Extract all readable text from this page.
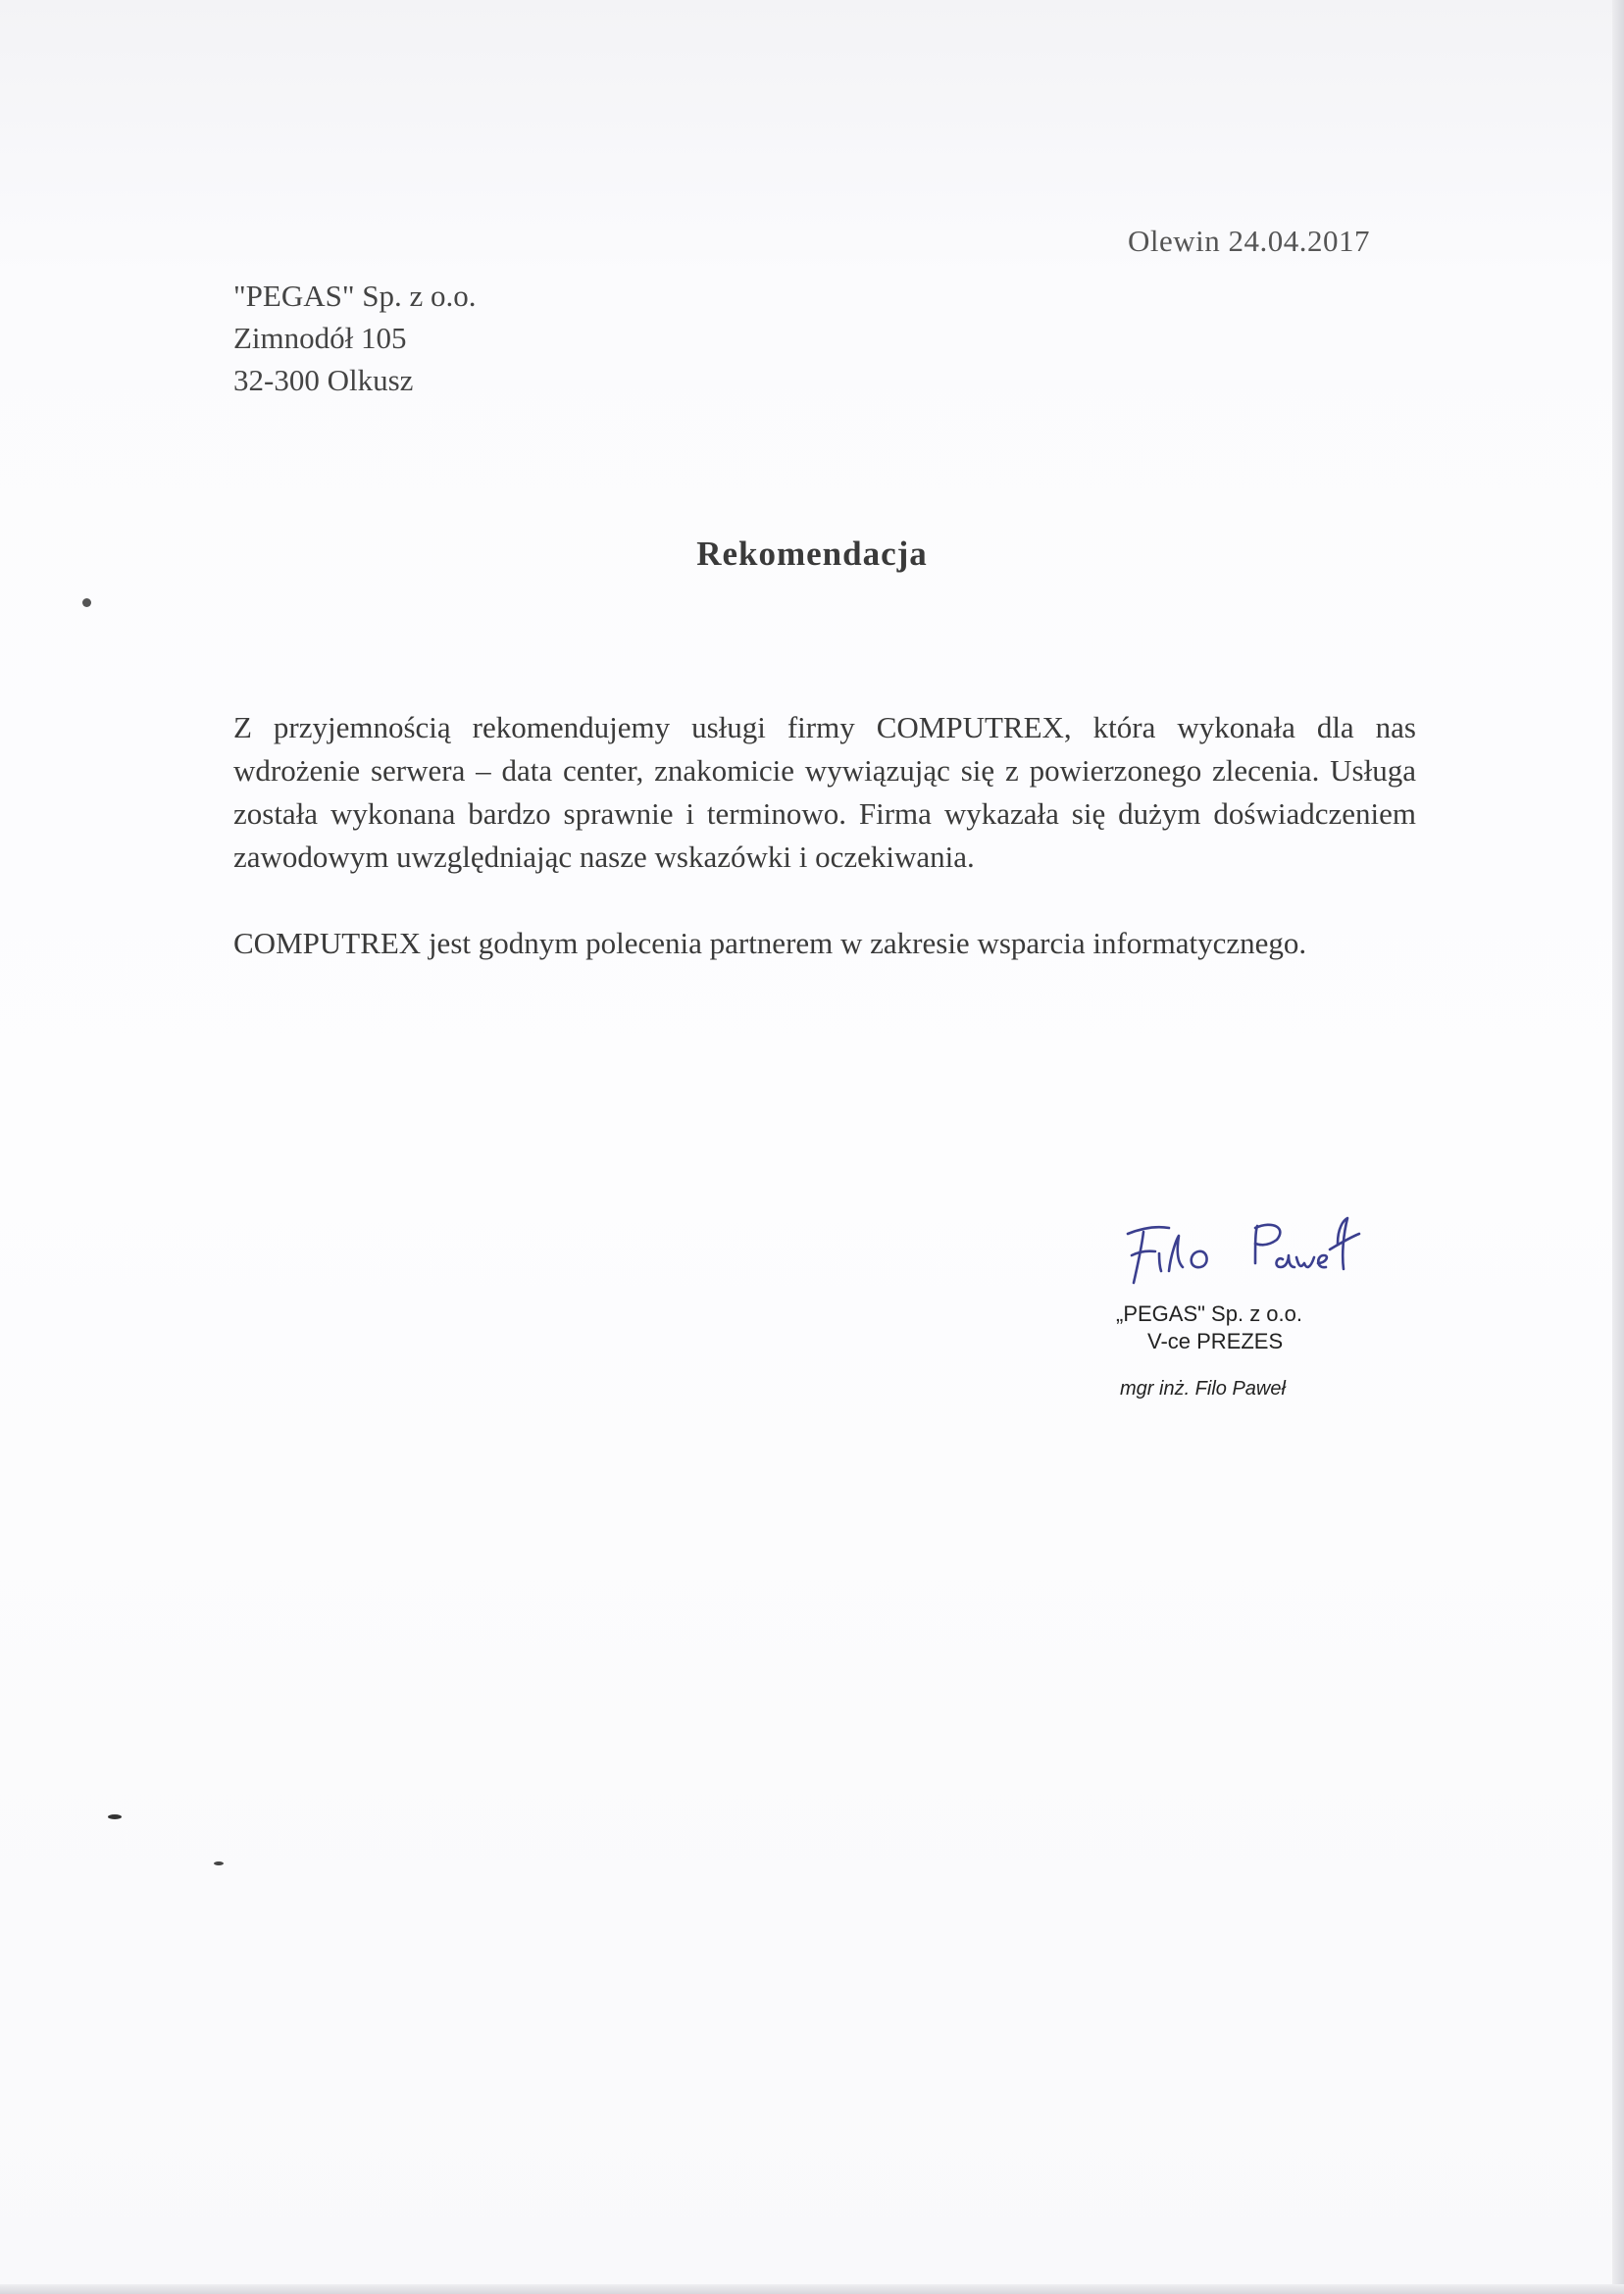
Olewin 24.04.2017
"PEGAS" Sp. z o.o.
Zimnodół 105
32-300 Olkusz
Rekomendacja

Z przyjemnością rekomendujemy usługi firmy COMPUTREX, która wykonała dla nas wdrożenie serwera – data center, znakomicie wywiązując się z powierzonego zlecenia. Usługa została wykonana bardzo sprawnie i terminowo. Firma wykazała się dużym doświadczeniem zawodowym uwzględniając nasze wskazówki i oczekiwania.

COMPUTREX jest godnym polecenia partnerem w zakresie wsparcia informatycznego.

„PEGAS" Sp. z o.o.
V-ce PREZES
mgr inż. Filo Paweł
